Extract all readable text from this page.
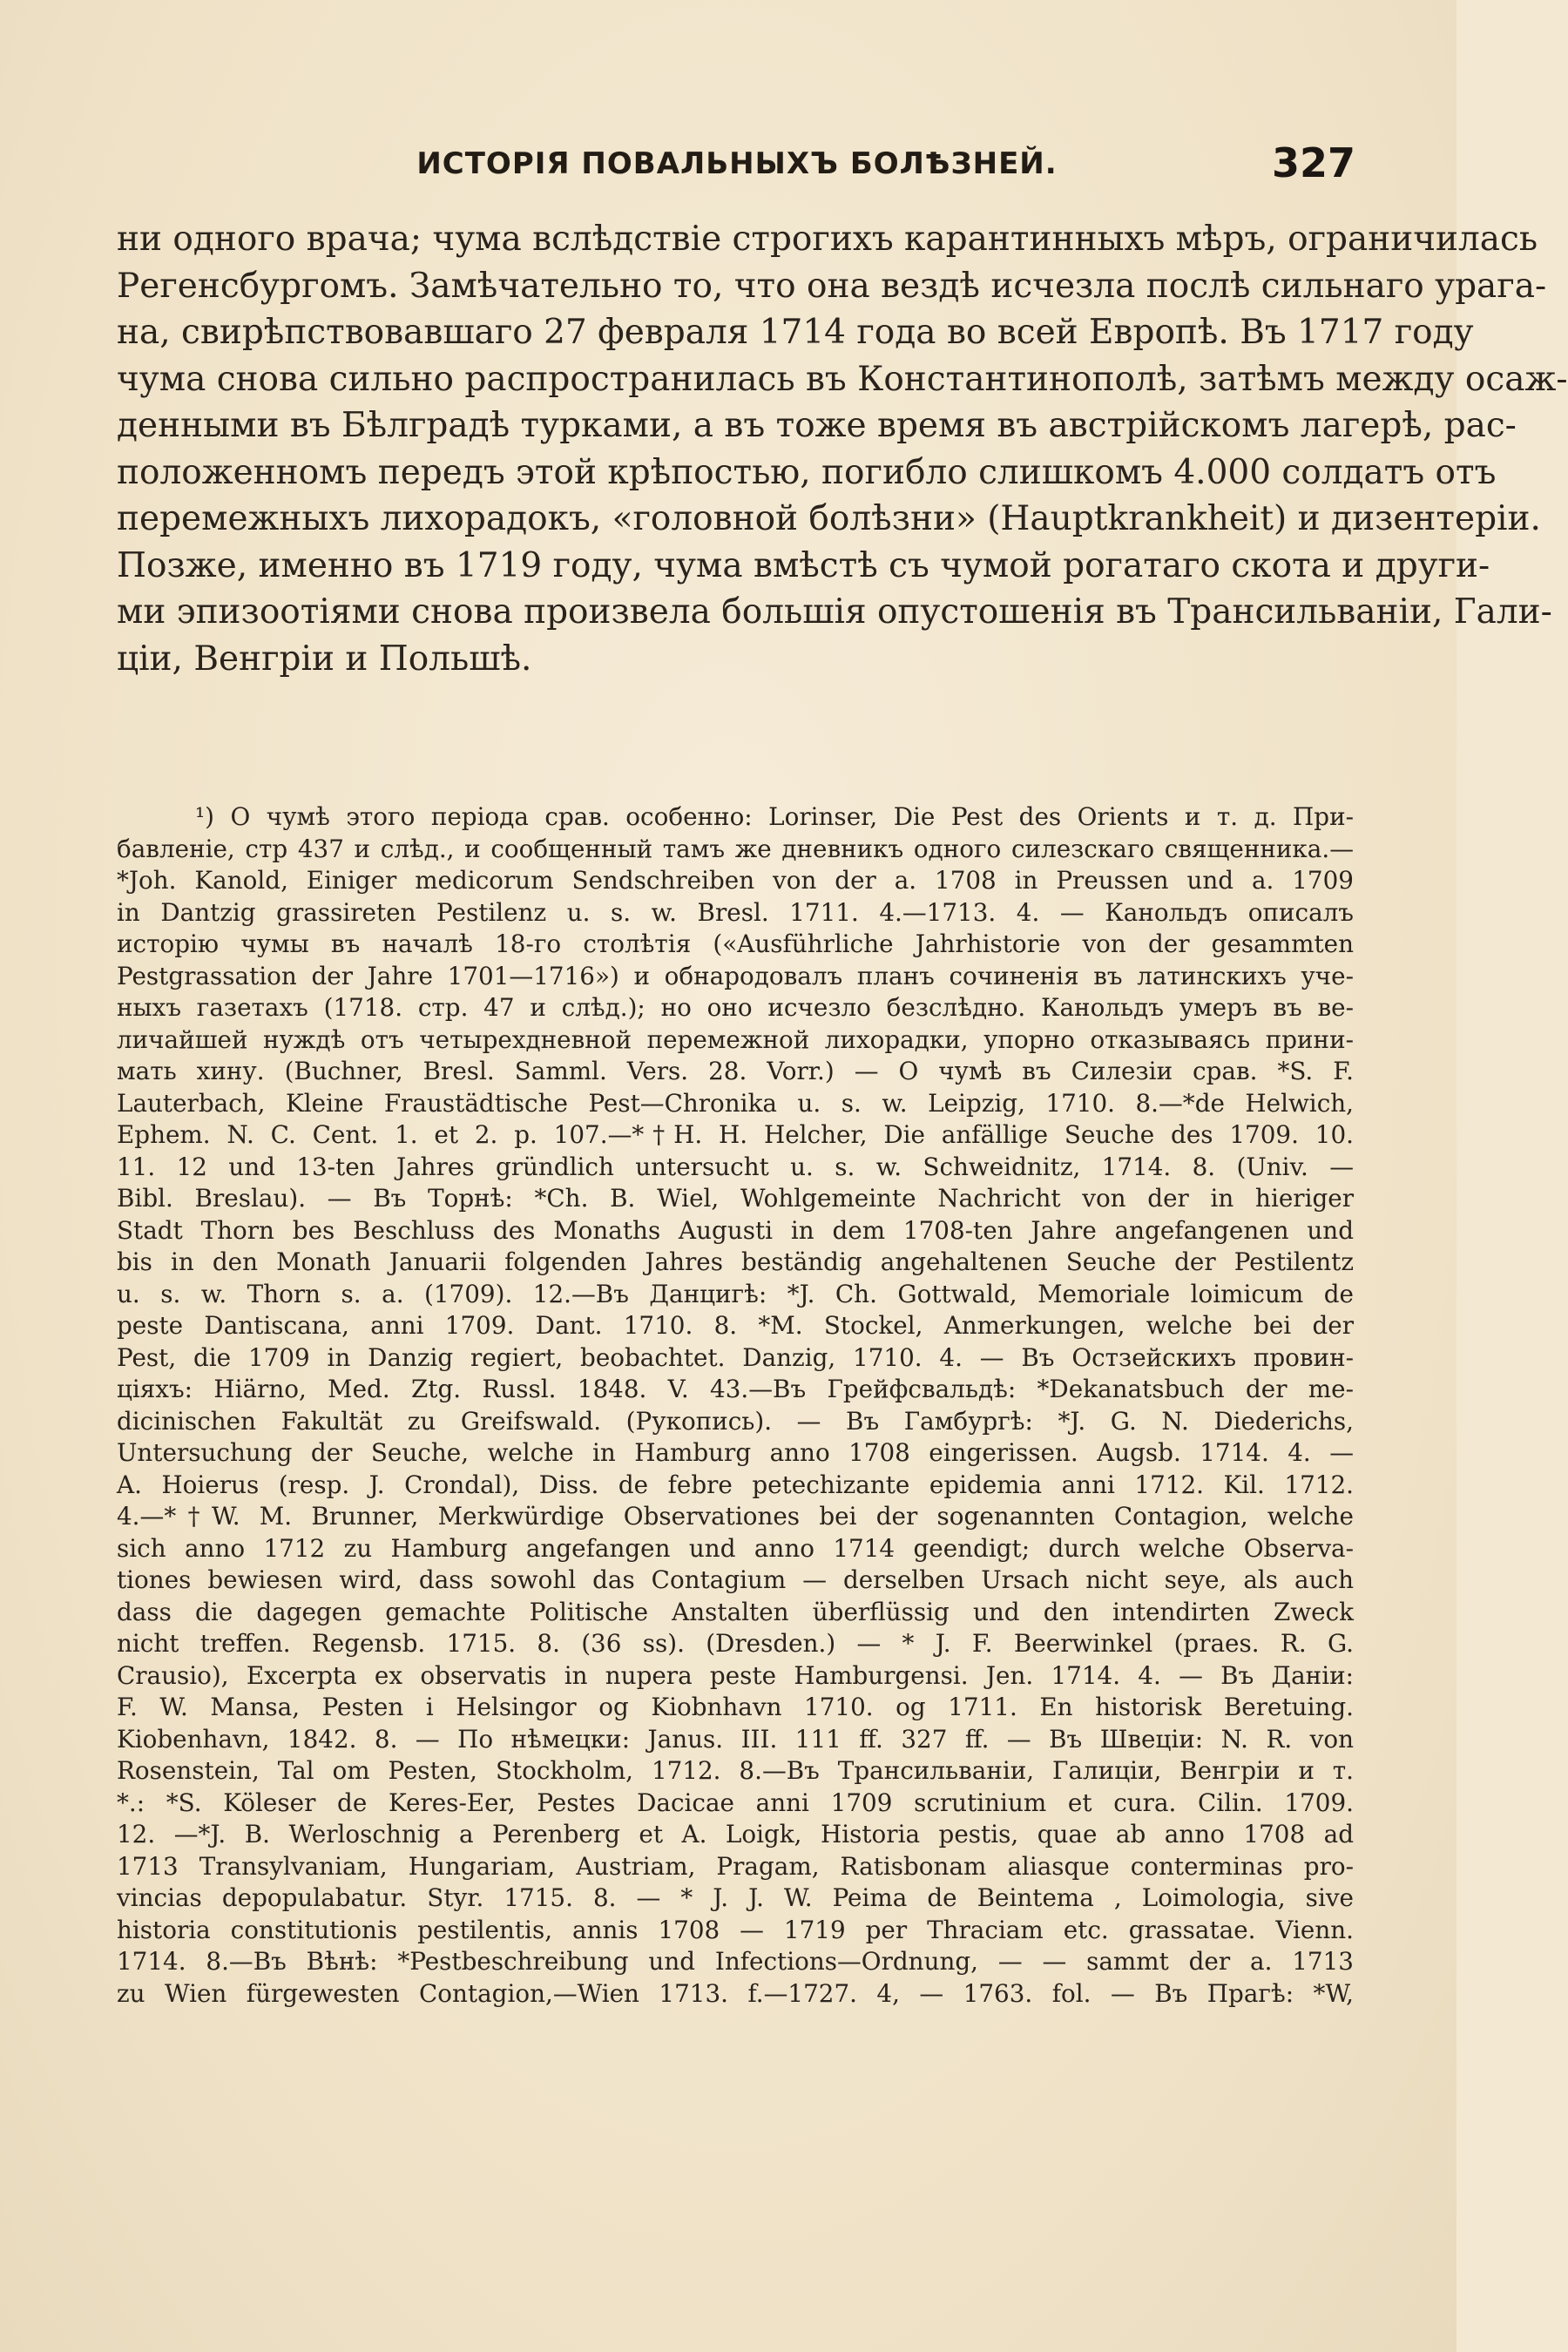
ИСТОРІЯ ПОВАЛЬНЫХЪ БОЛѢЗНЕЙ.	327
ни одного врача; чума вслѣдствіе строгихъ карантинныхъ мѣръ, ограничилась
Регенсбургомъ. Замѣчательно то, что она вездѣ исчезла послѣ сильнаго урага-
на, свирѣпствовавшаго 27 февраля 1714 года во всей Европѣ. Въ 1717 году
чума снова сильно распространилась въ Константинополѣ, затѣмъ между осаж-
денными въ Бѣлградѣ турками, а въ тоже время въ австрійскомъ лагерѣ, рас-
положенномъ передъ этой крѣпостью, погибло слишкомъ 4.000 солдатъ отъ
перемежныхъ лихорадокъ, «головной болѣзни» (Hauptkrankheit) и дизентеріи.
Позже, именно въ 1719 году, чума вмѣстѣ съ чумой рогатаго скота и други-
ми эпизоотіями снова произвела большія опустошенія въ Трансильваніи, Гали-
ціи, Венгріи и Польшѣ.
¹) О чумѣ этого періода срав. особенно: Lorinser, Die Pest des Orients и т. д. При-
бавленіе, стр 437 и слѣд., и сообщенный тамъ же дневникъ одного силезскаго священника.—
*Joh. Kanold, Einiger medicorum Sendschreiben von der a. 1708 in Preussen und a. 1709
in Dantzig grassireten Pestilenz u. s. w. Bresl. 1711. 4.—1713. 4. — Канольдъ описалъ
исторію чумы въ началѣ 18-го столѣтія («Ausführliche Jahrhistorie von der gesammten
Pestgrassation der Jahre 1701—1716») и обнародовалъ планъ сочиненія въ латинскихъ уче-
ныхъ газетахъ (1718. стр. 47 и слѣд.); но оно исчезло безслѣдно. Канольдъ умеръ въ ве-
личайшей нуждѣ отъ четырехдневной перемежной лихорадки, упорно отказываясь прини-
мать хину. (Buchner, Bresl. Samml. Vers. 28. Vorr.) — О чумѣ въ Силезіи срав. *S. F.
Lauterbach, Kleine Fraustädtische Pest—Chronika u. s. w. Leipzig, 1710. 8.—*de Helwich,
Ephem. N. C. Cent. 1. et 2. p. 107.—*†H. H. Helcher, Die anfällige Seuche des 1709. 10.
11. 12 und 13-ten Jahres gründlich untersucht u. s. w. Schweidnitz, 1714. 8. (Univ. —
Bibl. Breslau). — Въ Торнѣ: *Ch. B. Wiel, Wohlgemeinte Nachricht von der in hieriger
Stadt Thorn bes Beschluss des Monaths Augusti in dem 1708-ten Jahre angefangenen und
bis in den Monath Januarii folgenden Jahres beständig angehaltenen Seuche der Pestilentz
u. s. w. Thorn s. a. (1709). 12.—Въ Данцигѣ: *J. Ch. Gottwald, Memoriale loimicum de
peste Dantiscana, anni 1709. Dant. 1710. 8. *M. Stockel, Anmerkungen, welche bei der
Pest, die 1709 in Danzig regiert, beobachtet. Danzig, 1710. 4. — Въ Остзейскихъ провин-
ціяхъ: Hiärno, Med. Ztg. Russl. 1848. V. 43.—Въ Грейфсвальдѣ: *Dekanatsbuch der me-
dicinischen Fakultät zu Greifswald. (Рукопись). — Въ Гамбургѣ: *J. G. N. Diederichs,
Untersuchung der Seuche, welche in Hamburg anno 1708 eingerissen. Augsb. 1714. 4. —
A. Hoierus (resp. J. Crondal), Diss. de febre petechizante epidemia anni 1712. Kil. 1712.
4.—*†W. M. Brunner, Merkwürdige Observationes bei der sogenannten Contagion, welche
sich anno 1712 zu Hamburg angefangen und anno 1714 geendigt; durch welche Observa-
tiones bewiesen wird, dass sowohl das Contagium — derselben Ursach nicht seye, als auch
dass die dagegen gemachte Politische Anstalten überflüssig und den intendirten Zweck
nicht treffen. Regensb. 1715. 8. (36 ss). (Dresden.) — * J. F. Beerwinkel (praes. R. G.
Crausio), Excerpta ex observatis in nupera peste Hamburgensi. Jen. 1714. 4. — Въ Даніи:
F. W. Mansa, Pesten i Helsingor og Kiobnhavn 1710. og 1711. En historisk Beretuing.
Kiobenhavn, 1842. 8. — По нѣмецки: Janus. III. 111 ff. 327 ff. — Въ Швеціи: N. R. von
Rosenstein, Tal om Pesten, Stockholm, 1712. 8.—Въ Трансильваніи, Галиціи, Венгріи и т.
*.: *S. Köleser de Keres-Eer, Pestes Dacicae anni 1709 scrutinium et cura. Cilin. 1709.
12. —*J. B. Werloschnig a Perenberg et A. Loigk, Historia pestis, quae ab anno 1708 ad
1713 Transylvaniam, Hungariam, Austriam, Pragam, Ratisbonam aliasque conterminas pro-
vincias depopulabatur. Styr. 1715. 8. — * J. J. W. Peima de Beintema , Loimologia, sive
historia constitutionis pestilentis, annis 1708 — 1719 per Thraciam etc. grassatae. Vienn.
1714. 8.—Въ Вѣнѣ: *Pestbeschreibung und Infections—Ordnung, — — sammt der a. 1713
zu Wien fürgewesten Contagion,—Wien 1713. f.—1727. 4, — 1763. fol. — Въ Прагѣ: *W,
